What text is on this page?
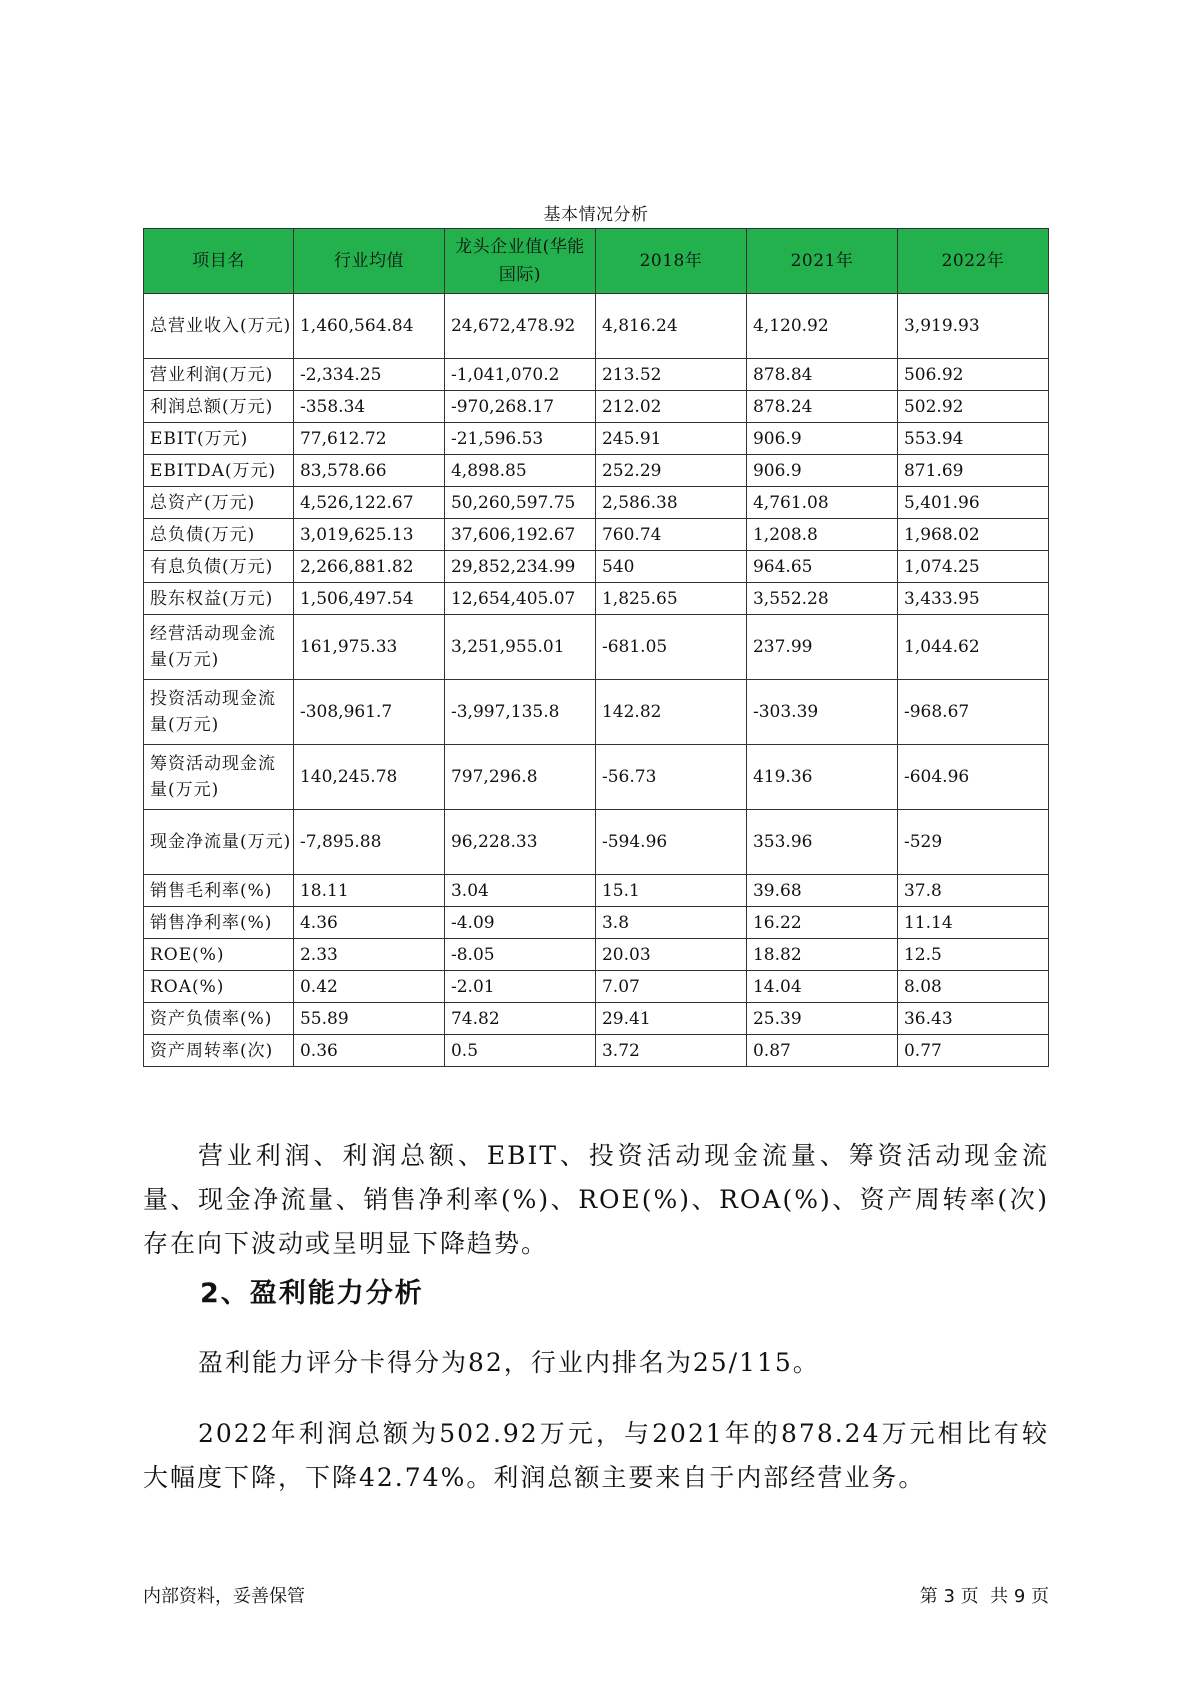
基本情况分析
项目名	行业均值	龙头企业值(华能国际)	2018年	2021年	2022年
总营业收入(万元)	1,460,564.84	24,672,478.92	4,816.24	4,120.92	3,919.93
营业利润(万元)	-2,334.25	-1,041,070.2	213.52	878.84	506.92
利润总额(万元)	-358.34	-970,268.17	212.02	878.24	502.92
EBIT(万元)	77,612.72	-21,596.53	245.91	906.9	553.94
EBITDA(万元)	83,578.66	4,898.85	252.29	906.9	871.69
总资产(万元)	4,526,122.67	50,260,597.75	2,586.38	4,761.08	5,401.96
总负债(万元)	3,019,625.13	37,606,192.67	760.74	1,208.8	1,968.02
有息负债(万元)	2,266,881.82	29,852,234.99	540	964.65	1,074.25
股东权益(万元)	1,506,497.54	12,654,405.07	1,825.65	3,552.28	3,433.95
经营活动现金流量(万元)	161,975.33	3,251,955.01	-681.05	237.99	1,044.62
投资活动现金流量(万元)	-308,961.7	-3,997,135.8	142.82	-303.39	-968.67
筹资活动现金流量(万元)	140,245.78	797,296.8	-56.73	419.36	-604.96
现金净流量(万元)	-7,895.88	96,228.33	-594.96	353.96	-529
销售毛利率(%)	18.11	3.04	15.1	39.68	37.8
销售净利率(%)	4.36	-4.09	3.8	16.22	11.14
ROE(%)	2.33	-8.05	20.03	18.82	12.5
ROA(%)	0.42	-2.01	7.07	14.04	8.08
资产负债率(%)	55.89	74.82	29.41	25.39	36.43
资产周转率(次)	0.36	0.5	3.72	0.87	0.77

营业利润、利润总额、EBIT、投资活动现金流量、筹资活动现金流量、现金净流量、销售净利率(%)、ROE(%)、ROA(%)、资产周转率(次)存在向下波动或呈明显下降趋势。

2、盈利能力分析

盈利能力评分卡得分为82，行业内排名为25/115。

2022年利润总额为502.92万元，与2021年的878.24万元相比有较大幅度下降，下降42.74%。利润总额主要来自于内部经营业务。

内部资料，妥善保管	第 3 页  共 9 页
